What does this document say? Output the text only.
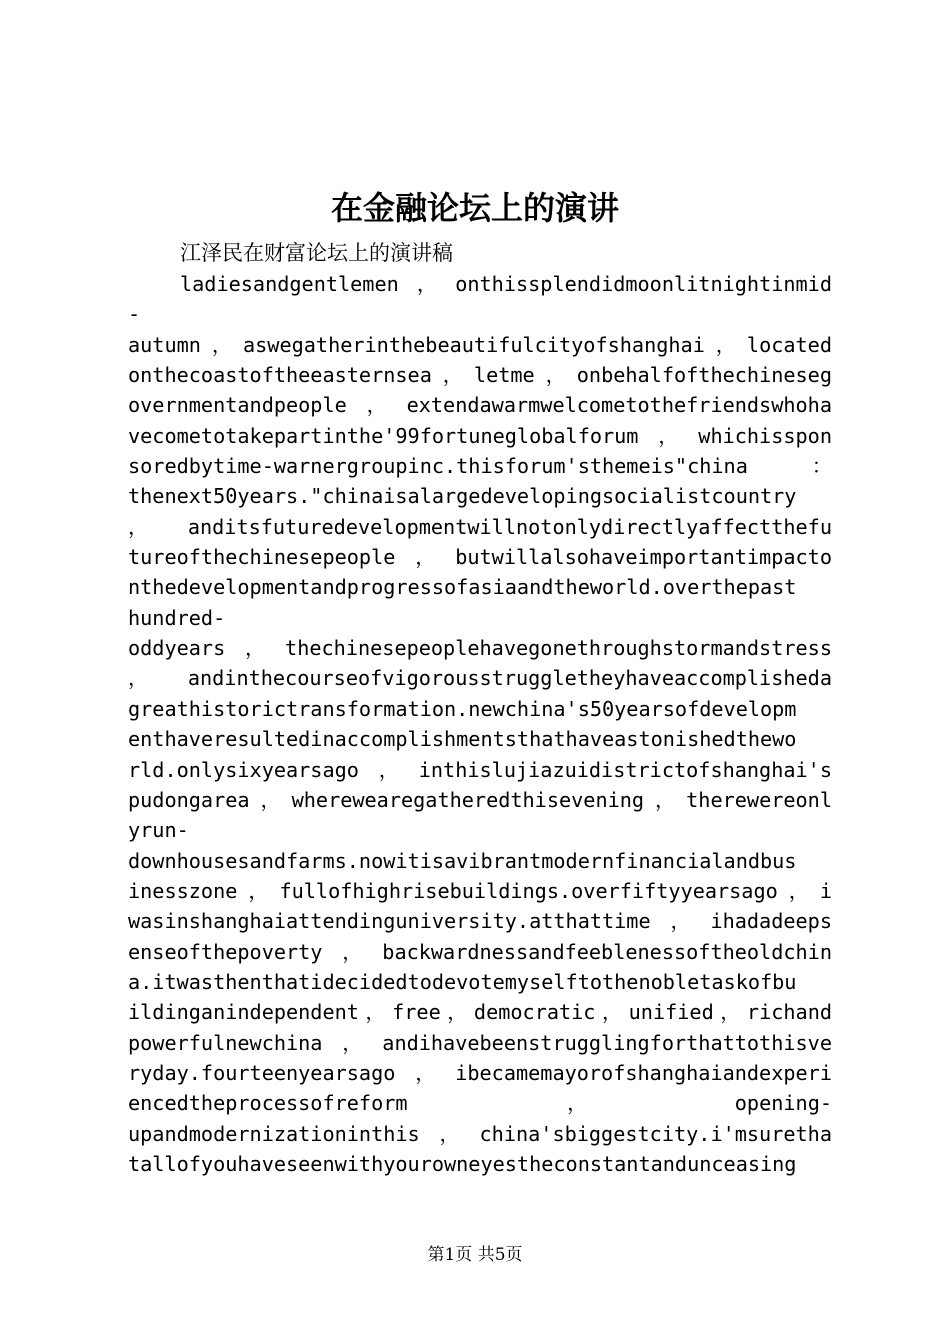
在金融论坛上的演讲

江泽民在财富论坛上的演讲稿

ladiesandgentlemen，onthissplendidmoonlitnightinmid
-
autumn，aswegatherinthebeautifulcityofshanghai，located
onthecoastoftheeasternsea，letme，onbehalfofthechineseg
overnmentandpeople，extendawarmwelcometothefriendswhoha
vecometotakepartinthe'99fortuneglobalforum，whichisspon
soredbytime-warnergroupinc.thisforum'sthemeis"china  ：
thenext50years."chinaisalargedevelopingsocialistcountry
，anditsfuturedevelopmentwillnotonlydirectlyaffectthefu
tureofthechinesepeople，butwillalsohaveimportantimpacto
nthedevelopmentandprogressofasiaandtheworld.overthepast
hundred-
oddyears，thechinesepeoplehavegonethroughstormandstress
，andinthecourseofvigorousstruggletheyhaveaccomplisheda
greathistorictransformation.newchina's50yearsofdevelopm
enthaveresultedinaccomplishmentsthathaveastonishedthewo
rld.onlysixyearsago，inthislujiazuidistrictofshanghai's
pudongarea，wherewearegatheredthisevening，therewereonl
yrun-
downhousesandfarms.nowitisavibrantmodernfinancialandbus
inesszone，fullofhighrisebuildings.overfiftyyearsago，i
wasinshanghaiattendinguniversity.atthattime，ihadadeeps
enseofthepoverty，backwardnessandfeeblenessoftheoldchin
a.itwasthenthatidecidedtodevotemyselftothenobletaskofbu
ildinganindependent，free，democratic，unified，richand
powerfulnewchina，andihavebeenstrugglingforthattothisve
ryday.fourteenyearsago，ibecamemayorofshanghaiandexperi
encedtheprocessofreform            ，           opening-
upandmodernizationinthis，china'sbiggestcity.i'msuretha
tallofyouhaveseenwithyourowneyestheconstantandunceasing

第1页 共5页
